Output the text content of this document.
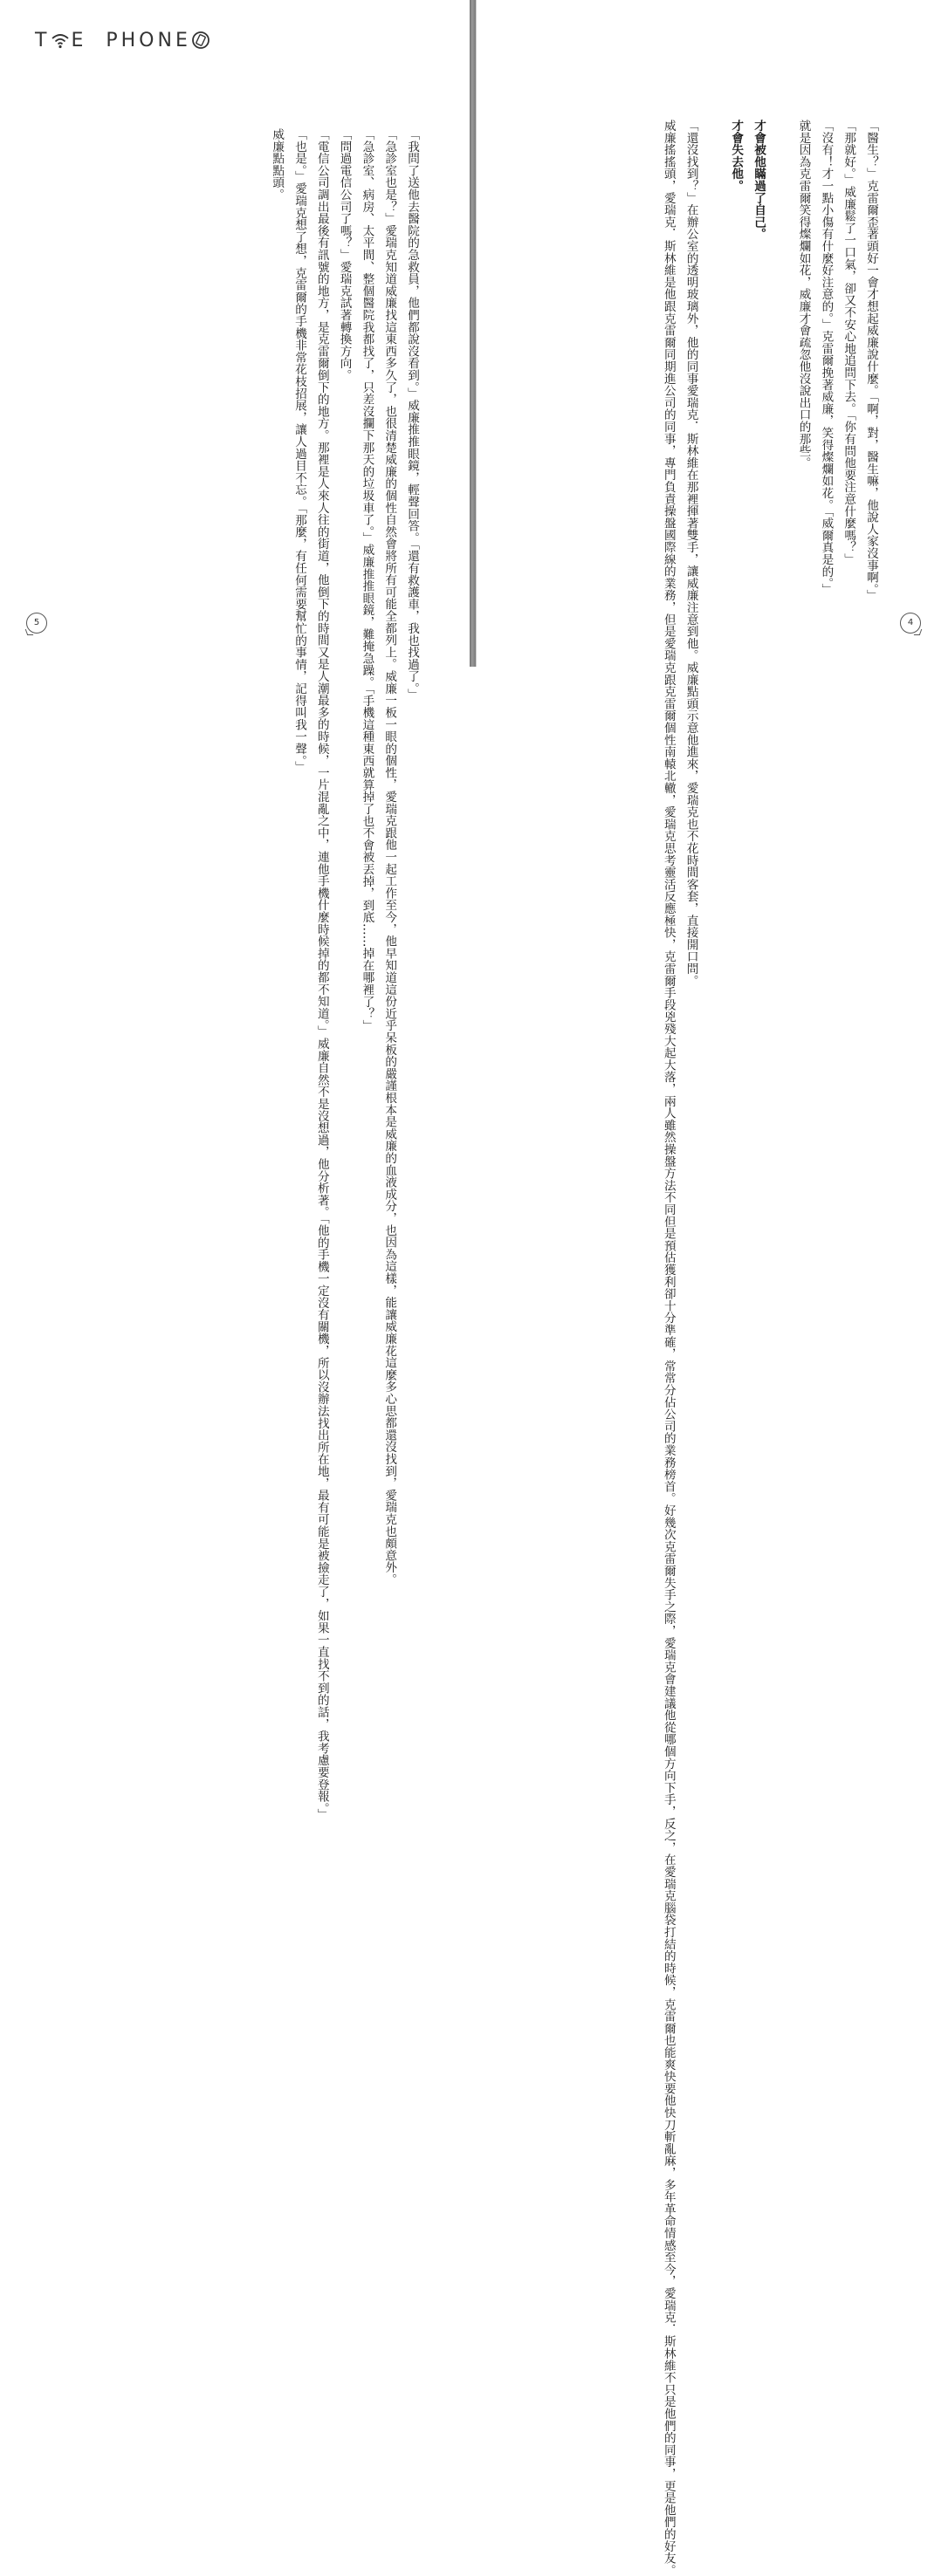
T E PHON E
「我問了送他去醫院的急救員，他們都說沒看到。」威廉推推眼鏡，輕聲回答。「還有救護車，我也找過了。」
「急診室也是？」愛瑞克知道威廉找這東西多久了，也很清楚威廉的個性自然會將所有可能全都列上。威廉一板一眼的個性，愛瑞克跟他一起工作至今，他早知道這份近乎呆板的嚴謹根本是威廉的血液成分，也因為這樣，能讓威廉花這麼多心思都還沒找到，愛瑞克也頗意外。
「急診室、病房、太平間、整個醫院我都找了，只差沒攔下那天的垃圾車了。」威廉推推眼鏡，難掩急躁。「手機這種東西就算掉了也不會被丟掉，到底……掉在哪裡了？」
「問過電信公司了嗎？」愛瑞克試著轉換方向。
「電信公司調出最後有訊號的地方，是克雷爾倒下的地方。那裡是人來人往的街道，他倒下的時間又是人潮最多的時候，一片混亂之中，連他手機什麼時候掉的都不知道。」威廉自然不是沒想過，他分析著。「他的手機一定沒有關機，所以沒辦法找出所在地，最有可能是被撿走了，如果一直找不到的話，我考慮要登報。」
「也是。」愛瑞克想了想，克雷爾的手機非常花枝招展，讓人過目不忘。「那麼，有任何需要幫忙的事情，記得叫我一聲。」
威廉點點頭。
5
「醫生？」克雷爾歪著頭好一會才想起威廉說什麼。「啊，對，醫生嘛，他說人家沒事啊。」
「那就好。」威廉鬆了一口氣，卻又不安心地追問下去。「你有問他要注意什麼嗎？」
「沒有！才一點小傷有什麼好注意的。」克雷爾挽著威廉，笑得燦爛如花。「威爾真是的。」
就是因為克雷爾笑得燦爛如花，威廉才會疏忽他沒說出口的那些。
才會被他瞞過了自己。
才會失去他。
「還沒找到？」在辦公室的透明玻璃外，他的同事愛瑞克．斯林維在那裡揮著雙手，讓威廉注意到他。威廉點頭示意他進來，愛瑞克也不花時間客套，直接開口問。
威廉搖搖頭，愛瑞克．斯林維是他跟克雷爾同期進公司的同事，專門負責操盤國際線的業務，但是愛瑞克跟克雷爾個性南轅北轍，愛瑞克思考靈活反應極快，克雷爾手段兇殘大起大落，兩人雖然操盤方法不同但是預估獲利卻十分準確，常常分佔公司的業務榜首。好幾次克雷爾失手之際，愛瑞克會建議他從哪個方向下手，反之，在愛瑞克腦袋打結的時候，克雷爾也能爽快要他快刀斬亂麻，多年革命情感至今，愛瑞克．斯林維不只是他們的同事，更是他們的好友。	4
